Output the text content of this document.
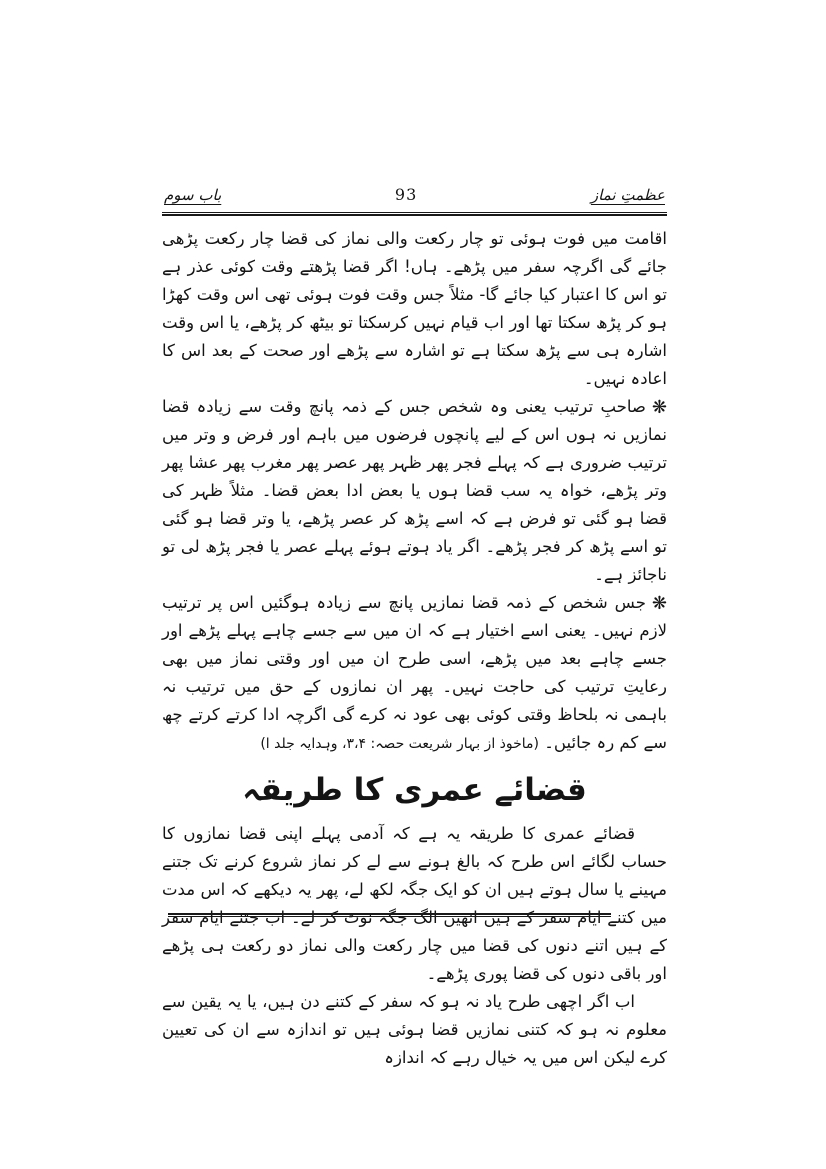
عظمتِ نماز
93
باب سوم

اقامت میں فوت ہوئی تو چار رکعت والی نماز کی قضا چار رکعت پڑھی جائے گی اگرچہ سفر میں پڑھے۔ ہاں! اگر قضا پڑھتے وقت کوئی عذر ہے تو اس کا اعتبار کیا جائے گا- مثلاً جس وقت فوت ہوئی تھی اس وقت کھڑا ہو کر پڑھ سکتا تھا اور اب قیام نہیں کرسکتا تو بیٹھ کر پڑھے، یا اس وقت اشارہ ہی سے پڑھ سکتا ہے تو اشارہ سے پڑھے اور صحت کے بعد اس کا اعادہ نہیں۔

❋صاحبِ ترتیب یعنی وہ شخص جس کے ذمہ پانچ وقت سے زیادہ قضا نمازیں نہ ہوں اس کے لیے پانچوں فرضوں میں باہم اور فرض و وتر میں ترتیب ضروری ہے کہ پہلے فجر پھر ظہر پھر عصر پھر مغرب پھر عشا پھر وتر پڑھے، خواہ یہ سب قضا ہوں یا بعض ادا بعض قضا۔ مثلاً ظہر کی قضا ہو گئی تو فرض ہے کہ اسے پڑھ کر عصر پڑھے، یا وتر قضا ہو گئی تو اسے پڑھ کر فجر پڑھے۔ اگر یاد ہوتے ہوئے پہلے عصر یا فجر پڑھ لی تو ناجائز ہے۔

❋جس شخص کے ذمہ قضا نمازیں پانچ سے زیادہ ہوگئیں اس پر ترتیب لازم نہیں۔ یعنی اسے اختیار ہے کہ ان میں سے جسے چاہے پہلے پڑھے اور جسے چاہے بعد میں پڑھے، اسی طرح ان میں اور وقتی نماز میں بھی رعایتِ ترتیب کی حاجت نہیں۔ پھر ان نمازوں کے حق میں ترتیب نہ باہمی نہ بلحاظ وقتی کوئی بھی عود نہ کرے گی اگرچہ ادا کرتے کرتے چھ سے کم رہ جائیں۔ (ماخوذ از بہار شریعت حصہ: ۳،۴، وہدایہ جلد ا)

قضائے عمری کا طریقہ

قضائے عمری کا طریقہ یہ ہے کہ آدمی پہلے اپنی قضا نمازوں کا حساب لگائے اس طرح کہ بالغ ہونے سے لے کر نماز شروع کرنے تک جتنے مہینے یا سال ہوتے ہیں ان کو ایک جگہ لکھ لے، پھر یہ دیکھے کہ اس مدت میں کتنے ایام سفر کے ہیں انھیں الگ جگہ نوٹ کر لے۔ اب جتنے ایام سفر کے ہیں اتنے دنوں کی قضا میں چار رکعت والی نماز دو رکعت ہی پڑھے اور باقی دنوں کی قضا پوری پڑھے۔

اب اگر اچھی طرح یاد نہ ہو کہ سفر کے کتنے دن ہیں، یا یہ یقین سے معلوم نہ ہو کہ کتنی نمازیں قضا ہوئی ہیں تو اندازہ سے ان کی تعیین کرے لیکن اس میں یہ خیال رہے کہ اندازہ
